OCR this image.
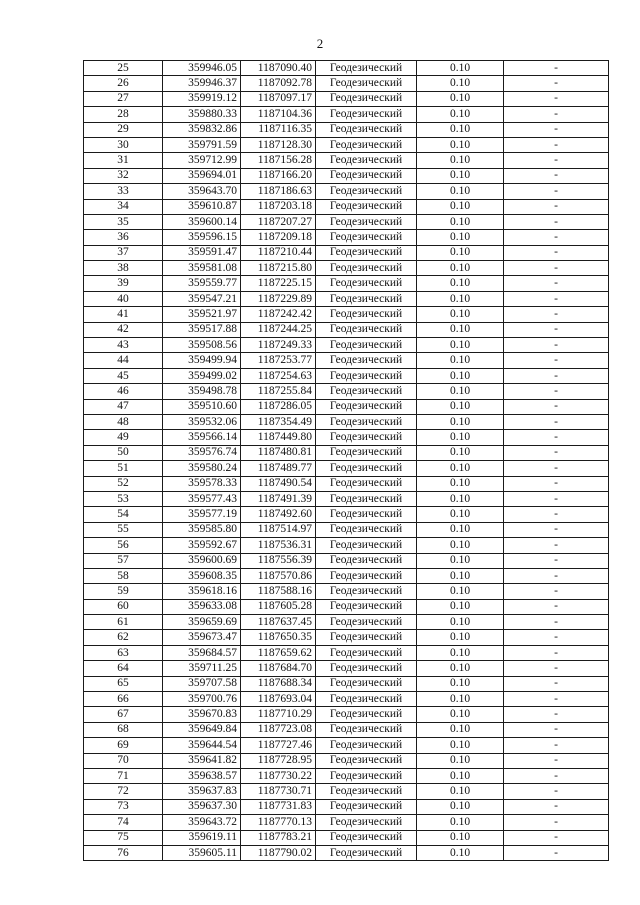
2
25	359946.05	1187090.40	Геодезический	0.10	-
26	359946.37	1187092.78	Геодезический	0.10	-
27	359919.12	1187097.17	Геодезический	0.10	-
28	359880.33	1187104.36	Геодезический	0.10	-
29	359832.86	1187116.35	Геодезический	0.10	-
30	359791.59	1187128.30	Геодезический	0.10	-
31	359712.99	1187156.28	Геодезический	0.10	-
32	359694.01	1187166.20	Геодезический	0.10	-
33	359643.70	1187186.63	Геодезический	0.10	-
34	359610.87	1187203.18	Геодезический	0.10	-
35	359600.14	1187207.27	Геодезический	0.10	-
36	359596.15	1187209.18	Геодезический	0.10	-
37	359591.47	1187210.44	Геодезический	0.10	-
38	359581.08	1187215.80	Геодезический	0.10	-
39	359559.77	1187225.15	Геодезический	0.10	-
40	359547.21	1187229.89	Геодезический	0.10	-
41	359521.97	1187242.42	Геодезический	0.10	-
42	359517.88	1187244.25	Геодезический	0.10	-
43	359508.56	1187249.33	Геодезический	0.10	-
44	359499.94	1187253.77	Геодезический	0.10	-
45	359499.02	1187254.63	Геодезический	0.10	-
46	359498.78	1187255.84	Геодезический	0.10	-
47	359510.60	1187286.05	Геодезический	0.10	-
48	359532.06	1187354.49	Геодезический	0.10	-
49	359566.14	1187449.80	Геодезический	0.10	-
50	359576.74	1187480.81	Геодезический	0.10	-
51	359580.24	1187489.77	Геодезический	0.10	-
52	359578.33	1187490.54	Геодезический	0.10	-
53	359577.43	1187491.39	Геодезический	0.10	-
54	359577.19	1187492.60	Геодезический	0.10	-
55	359585.80	1187514.97	Геодезический	0.10	-
56	359592.67	1187536.31	Геодезический	0.10	-
57	359600.69	1187556.39	Геодезический	0.10	-
58	359608.35	1187570.86	Геодезический	0.10	-
59	359618.16	1187588.16	Геодезический	0.10	-
60	359633.08	1187605.28	Геодезический	0.10	-
61	359659.69	1187637.45	Геодезический	0.10	-
62	359673.47	1187650.35	Геодезический	0.10	-
63	359684.57	1187659.62	Геодезический	0.10	-
64	359711.25	1187684.70	Геодезический	0.10	-
65	359707.58	1187688.34	Геодезический	0.10	-
66	359700.76	1187693.04	Геодезический	0.10	-
67	359670.83	1187710.29	Геодезический	0.10	-
68	359649.84	1187723.08	Геодезический	0.10	-
69	359644.54	1187727.46	Геодезический	0.10	-
70	359641.82	1187728.95	Геодезический	0.10	-
71	359638.57	1187730.22	Геодезический	0.10	-
72	359637.83	1187730.71	Геодезический	0.10	-
73	359637.30	1187731.83	Геодезический	0.10	-
74	359643.72	1187770.13	Геодезический	0.10	-
75	359619.11	1187783.21	Геодезический	0.10	-
76	359605.11	1187790.02	Геодезический	0.10	-
